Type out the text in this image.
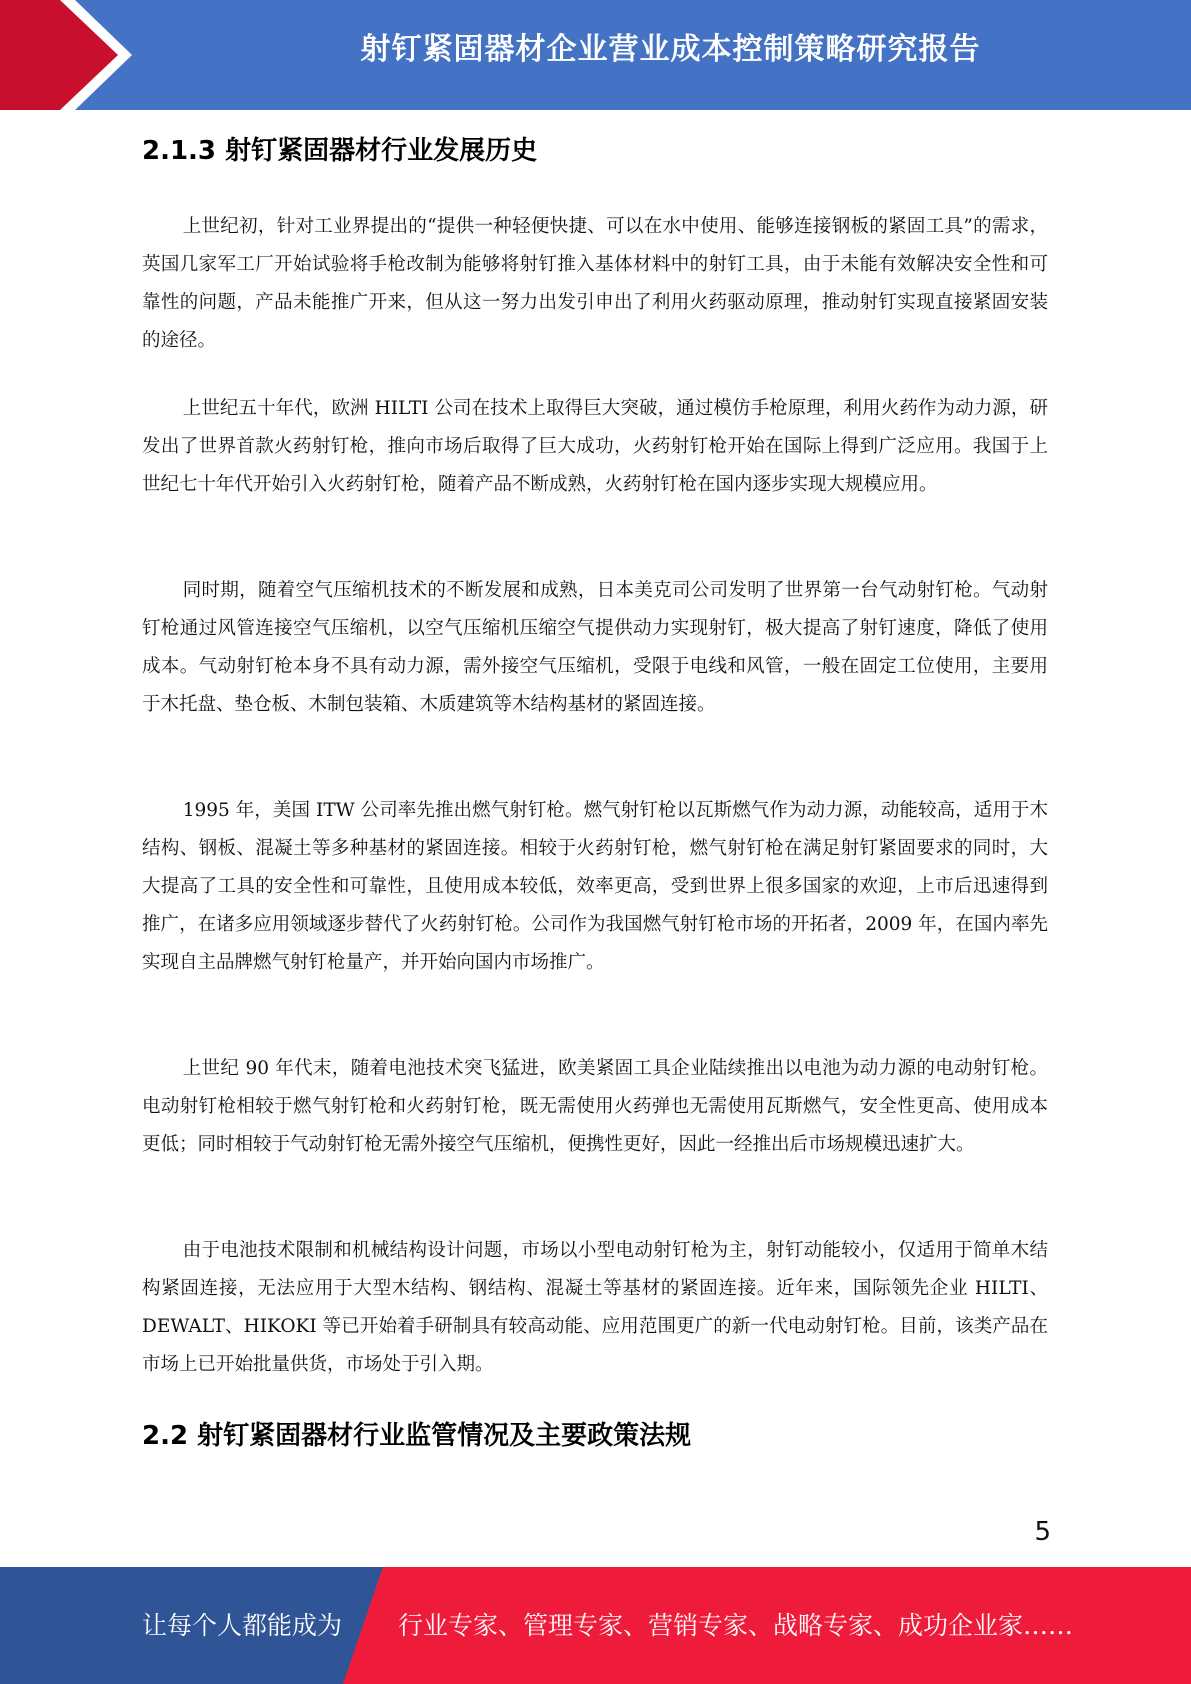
射钉紧固器材企业营业成本控制策略研究报告
2.1.3 射钉紧固器材行业发展历史

上世纪初，针对工业界提出的“提供一种轻便快捷、可以在水中使用、能够连接钢板的紧固工具”的需求，英国几家军工厂开始试验将手枪改制为能够将射钉推入基体材料中的射钉工具，由于未能有效解决安全性和可靠性的问题，产品未能推广开来，但从这一努力出发引申出了利用火药驱动原理，推动射钉实现直接紧固安装的途径。

上世纪五十年代，欧洲 HILTI 公司在技术上取得巨大突破，通过模仿手枪原理，利用火药作为动力源，研发出了世界首款火药射钉枪，推向市场后取得了巨大成功，火药射钉枪开始在国际上得到广泛应用。我国于上世纪七十年代开始引入火药射钉枪，随着产品不断成熟，火药射钉枪在国内逐步实现大规模应用。

同时期，随着空气压缩机技术的不断发展和成熟，日本美克司公司发明了世界第一台气动射钉枪。气动射钉枪通过风管连接空气压缩机，以空气压缩机压缩空气提供动力实现射钉，极大提高了射钉速度，降低了使用成本。气动射钉枪本身不具有动力源，需外接空气压缩机，受限于电线和风管，一般在固定工位使用，主要用于木托盘、垫仓板、木制包装箱、木质建筑等木结构基材的紧固连接。

1995 年，美国 ITW 公司率先推出燃气射钉枪。燃气射钉枪以瓦斯燃气作为动力源，动能较高，适用于木结构、钢板、混凝土等多种基材的紧固连接。相较于火药射钉枪，燃气射钉枪在满足射钉紧固要求的同时，大大提高了工具的安全性和可靠性，且使用成本较低，效率更高，受到世界上很多国家的欢迎，上市后迅速得到推广，在诸多应用领域逐步替代了火药射钉枪。公司作为我国燃气射钉枪市场的开拓者，2009 年，在国内率先实现自主品牌燃气射钉枪量产，并开始向国内市场推广。

上世纪 90 年代末，随着电池技术突飞猛进，欧美紧固工具企业陆续推出以电池为动力源的电动射钉枪。电动射钉枪相较于燃气射钉枪和火药射钉枪，既无需使用火药弹也无需使用瓦斯燃气，安全性更高、使用成本更低；同时相较于气动射钉枪无需外接空气压缩机，便携性更好，因此一经推出后市场规模迅速扩大。

由于电池技术限制和机械结构设计问题，市场以小型电动射钉枪为主，射钉动能较小，仅适用于简单木结构紧固连接，无法应用于大型木结构、钢结构、混凝土等基材的紧固连接。近年来，国际领先企业 HILTI、DEWALT、HIKOKI 等已开始着手研制具有较高动能、应用范围更广的新一代电动射钉枪。目前，该类产品在市场上已开始批量供货，市场处于引入期。

2.2 射钉紧固器材行业监管情况及主要政策法规
5
让每个人都能成为 行业专家、管理专家、营销专家、战略专家、成功企业家……
